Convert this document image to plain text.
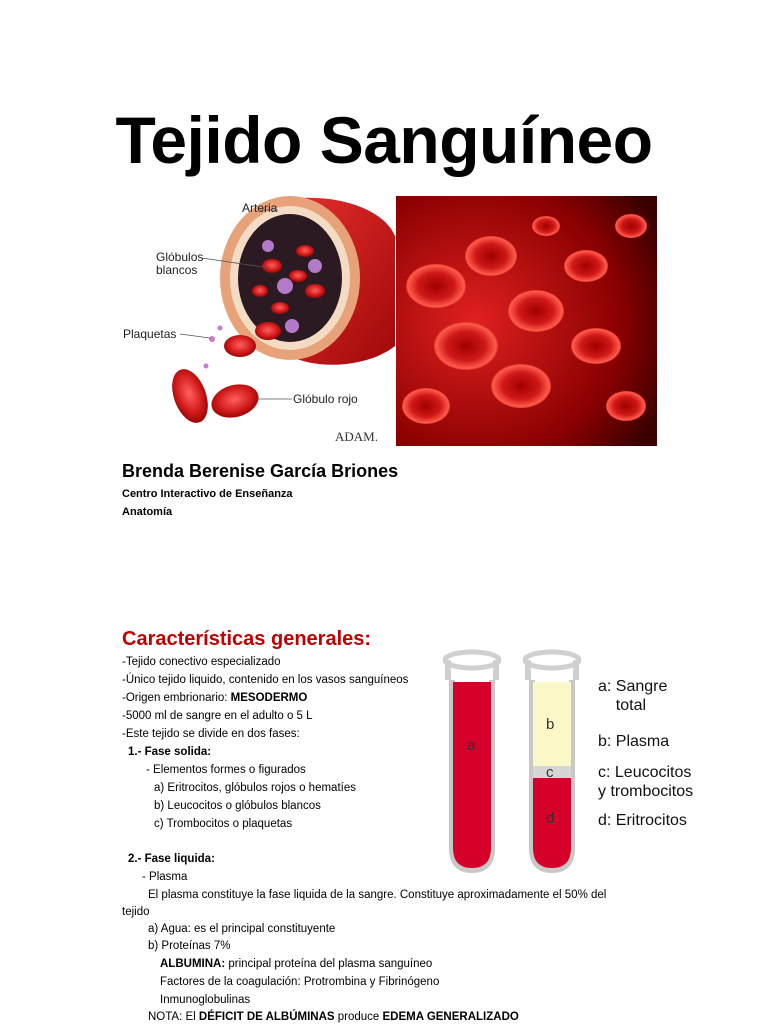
Tejido Sanguíneo
Arteria
Glóbulos blancos
Plaquetas
Glóbulo rojo
ADAM.
Brenda Berenise García Briones
Centro Interactivo de Enseñanza
Anatomía
Características generales:
-Tejido conectivo especializado
-Único tejido liquido, contenido en los vasos sanguíneos
-Origen embrionario: MESODERMO
-5000 ml de sangre en el adulto o 5 L
-Este tejido se divide en dos fases:
1.- Fase solida:
- Elementos formes o figurados
a) Eritrocitos, glóbulos rojos o hematíes
b) Leucocitos o glóbulos blancos
c) Trombocitos o plaquetas
2.- Fase liquida:
- Plasma
El plasma constituye la fase liquida de la sangre. Constituye aproximadamente el 50% del
tejido
a) Agua: es el principal constituyente
b) Proteínas 7%
ALBUMINA: principal proteína del plasma sanguíneo
Factores de la coagulación: Protrombina y Fibrinógeno
Inmunoglobulinas
NOTA: El DÉFICIT DE ALBÚMINAS produce EDEMA GENERALIZADO
a
b
c
d
a: Sangre
total
b: Plasma
c: Leucocitos
y trombocitos
d: Eritrocitos
